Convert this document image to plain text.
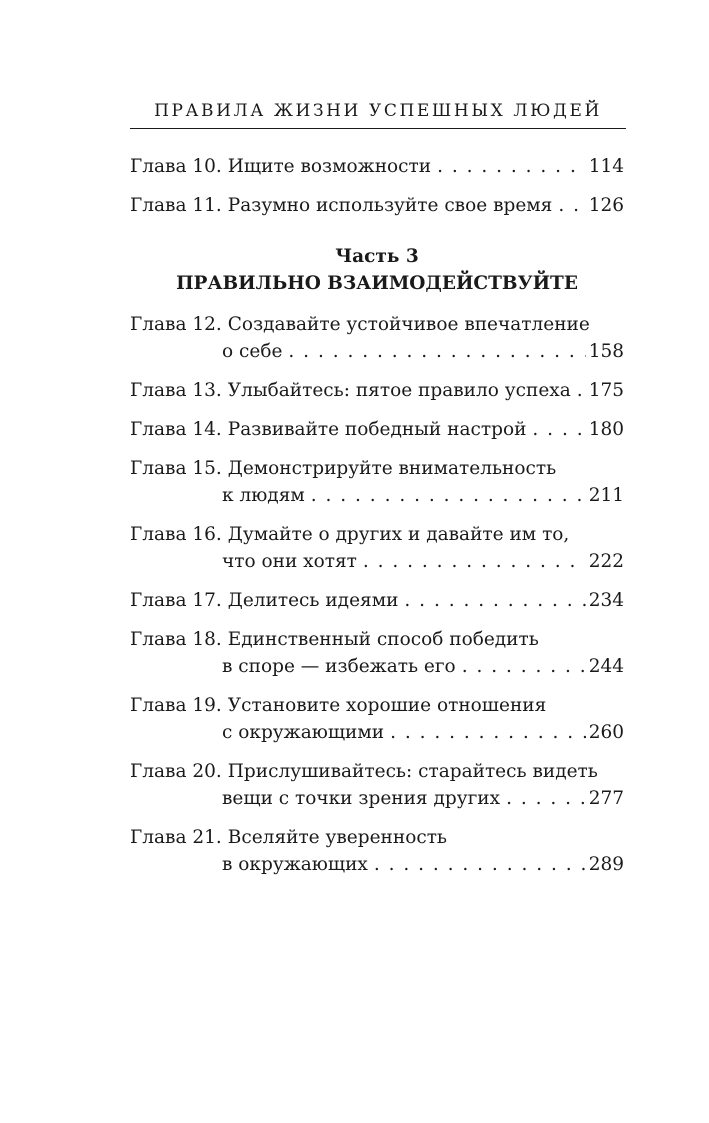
ПРАВИЛА ЖИЗНИ УСПЕШНЫХ ЛЮДЕЙ
Глава 10. Ищите возможности . . .	114
Глава 11. Разумно используйте свое время . . . 126
Часть 3
ПРАВИЛЬНО ВЗАИМОДЕЙСТВУЙТЕ
Глава 12. Создавайте устойчивое впечатление
о себе . . .	158
Глава 13. Улыбайтесь: пятое правило успеха . . . 175
Глава 14. Развивайте победный настрой . . .	180
Глава 15. Демонстрируйте внимательность
к людям . . .	211
Глава 16. Думайте о других и давайте им то,
что они хотят . . .	222
Глава 17. Делитесь идеями . . .	234
Глава 18. Единственный способ победить
в споре — избежать его . . .	244
Глава 19. Установите хорошие отношения
с окружающими . . .	260
Глава 20. Прислушивайтесь: старайтесь видеть
вещи с точки зрения других . . .	277
Глава 21. Вселяйте уверенность
в окружающих . . .	289
